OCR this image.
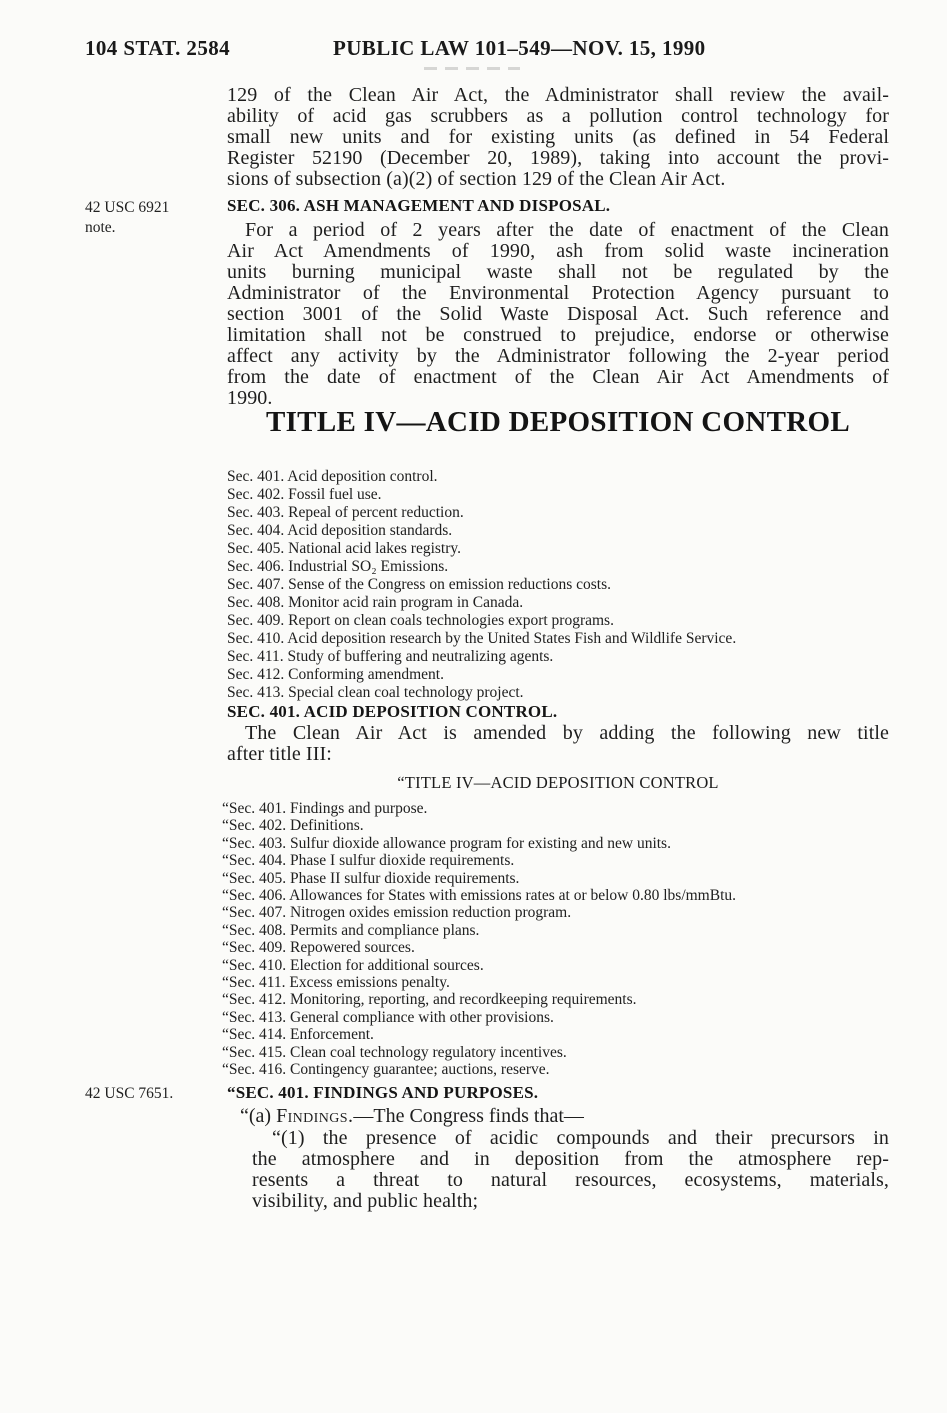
104 STAT. 2584	PUBLIC LAW 101–549—NOV. 15, 1990
129 of the Clean Air Act, the Administrator shall review the avail-
ability of acid gas scrubbers as a pollution control technology for
small new units and for existing units (as defined in 54 Federal
Register 52190 (December 20, 1989), taking into account the provi-
sions of subsection (a)(2) of section 129 of the Clean Air Act.
42 USC 6921
note.
SEC. 306. ASH MANAGEMENT AND DISPOSAL.
For a period of 2 years after the date of enactment of the Clean
Air Act Amendments of 1990, ash from solid waste incineration
units burning municipal waste shall not be regulated by the
Administrator of the Environmental Protection Agency pursuant to
section 3001 of the Solid Waste Disposal Act. Such reference and
limitation shall not be construed to prejudice, endorse or otherwise
affect any activity by the Administrator following the 2-year period
from the date of enactment of the Clean Air Act Amendments of
1990.
TITLE IV—ACID DEPOSITION CONTROL
Sec. 401. Acid deposition control.
Sec. 402. Fossil fuel use.
Sec. 403. Repeal of percent reduction.
Sec. 404. Acid deposition standards.
Sec. 405. National acid lakes registry.
Sec. 406. Industrial SO₂ Emissions.
Sec. 407. Sense of the Congress on emission reductions costs.
Sec. 408. Monitor acid rain program in Canada.
Sec. 409. Report on clean coals technologies export programs.
Sec. 410. Acid deposition research by the United States Fish and Wildlife Service.
Sec. 411. Study of buffering and neutralizing agents.
Sec. 412. Conforming amendment.
Sec. 413. Special clean coal technology project.
SEC. 401. ACID DEPOSITION CONTROL.
The Clean Air Act is amended by adding the following new title
after title III:
“TITLE IV—ACID DEPOSITION CONTROL
“Sec. 401. Findings and purpose.
“Sec. 402. Definitions.
“Sec. 403. Sulfur dioxide allowance program for existing and new units.
“Sec. 404. Phase I sulfur dioxide requirements.
“Sec. 405. Phase II sulfur dioxide requirements.
“Sec. 406. Allowances for States with emissions rates at or below 0.80 lbs/mmBtu.
“Sec. 407. Nitrogen oxides emission reduction program.
“Sec. 408. Permits and compliance plans.
“Sec. 409. Repowered sources.
“Sec. 410. Election for additional sources.
“Sec. 411. Excess emissions penalty.
“Sec. 412. Monitoring, reporting, and recordkeeping requirements.
“Sec. 413. General compliance with other provisions.
“Sec. 414. Enforcement.
“Sec. 415. Clean coal technology regulatory incentives.
“Sec. 416. Contingency guarantee; auctions, reserve.
“SEC. 401. FINDINGS AND PURPOSES.
42 USC 7651.
“(a) Findings.—The Congress finds that—
“(1) the presence of acidic compounds and their precursors in
the atmosphere and in deposition from the atmosphere rep-
resents a threat to natural resources, ecosystems, materials,
visibility, and public health;
